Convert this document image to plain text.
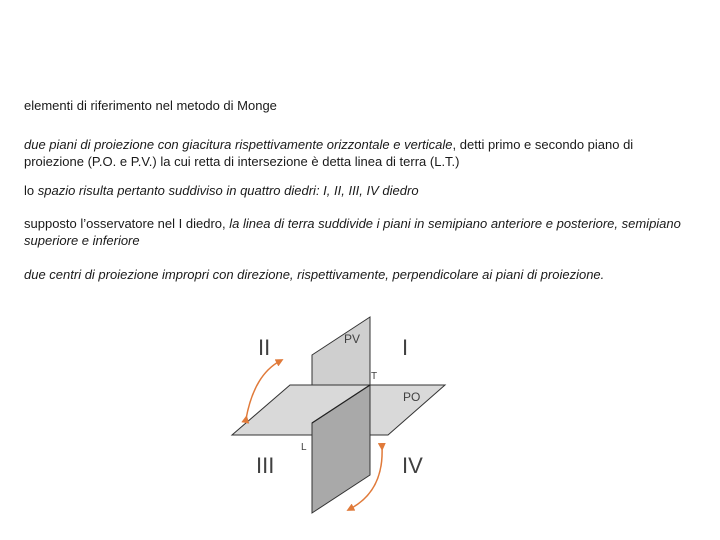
elementi di riferimento nel metodo di Monge
due piani di proiezione con giacitura rispettivamente orizzontale e verticale, detti primo e secondo piano di proiezione (P.O. e P.V.) la cui retta di intersezione è detta linea di terra (L.T.)
lo spazio risulta pertanto suddiviso in quattro diedri: I, II, III, IV diedro
supposto l’osservatore nel I diedro, la linea di terra suddivide i piani in semipiano anteriore e posteriore, semipiano superiore e inferiore
due centri di proiezione impropri con direzione, rispettivamente, perpendicolare ai piani di proiezione.
PV
PO
T
L
II	I
III	IV
